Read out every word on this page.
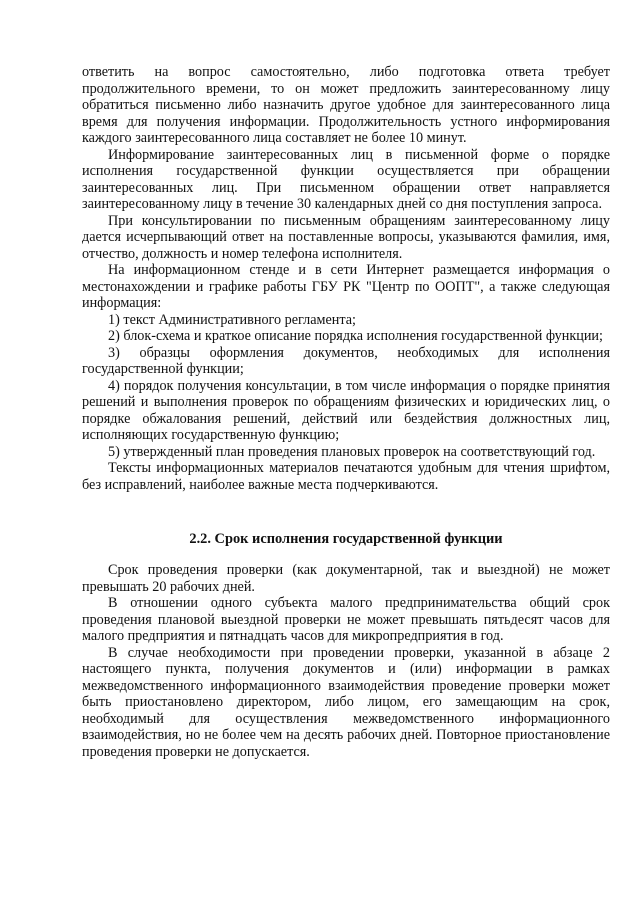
ответить на вопрос самостоятельно, либо подготовка ответа требует продолжительного времени, то он может предложить заинтересованному лицу обратиться письменно либо назначить другое удобное для заинтересованного лица время для получения информации. Продолжительность устного информирования каждого заинтересованного лица составляет не более 10 минут.

Информирование заинтересованных лиц в письменной форме о порядке исполнения государственной функции осуществляется при обращении заинтересованных лиц. При письменном обращении ответ направляется заинтересованному лицу в течение 30 календарных дней со дня поступления запроса.

При консультировании по письменным обращениям заинтересованному лицу дается исчерпывающий ответ на поставленные вопросы, указываются фамилия, имя, отчество, должность и номер телефона исполнителя.

На информационном стенде и в сети Интернет размещается информация о местонахождении и графике работы ГБУ РК "Центр по ООПТ", а также следующая информация:

1) текст Административного регламента;

2) блок-схема и краткое описание порядка исполнения государственной функции;

3) образцы оформления документов, необходимых для исполнения государственной функции;

4) порядок получения консультации, в том числе информация о порядке принятия решений и выполнения проверок по обращениям физических и юридических лиц, о порядке обжалования решений, действий или бездействия должностных лиц, исполняющих государственную функцию;

5) утвержденный план проведения плановых проверок на соответствующий год.

Тексты информационных материалов печатаются удобным для чтения шрифтом, без исправлений, наиболее важные места подчеркиваются.

2.2. Срок исполнения государственной функции

Срок проведения проверки (как документарной, так и выездной) не может превышать 20 рабочих дней.

В отношении одного субъекта малого предпринимательства общий срок проведения плановой выездной проверки не может превышать пятьдесят часов для малого предприятия и пятнадцать часов для микропредприятия в год.

В случае необходимости при проведении проверки, указанной в абзаце 2 настоящего пункта, получения документов и (или) информации в рамках межведомственного информационного взаимодействия проведение проверки может быть приостановлено директором, либо лицом, его замещающим на срок, необходимый для осуществления межведомственного информационного взаимодействия, но не более чем на десять рабочих дней. Повторное приостановление проведения проверки не допускается.
